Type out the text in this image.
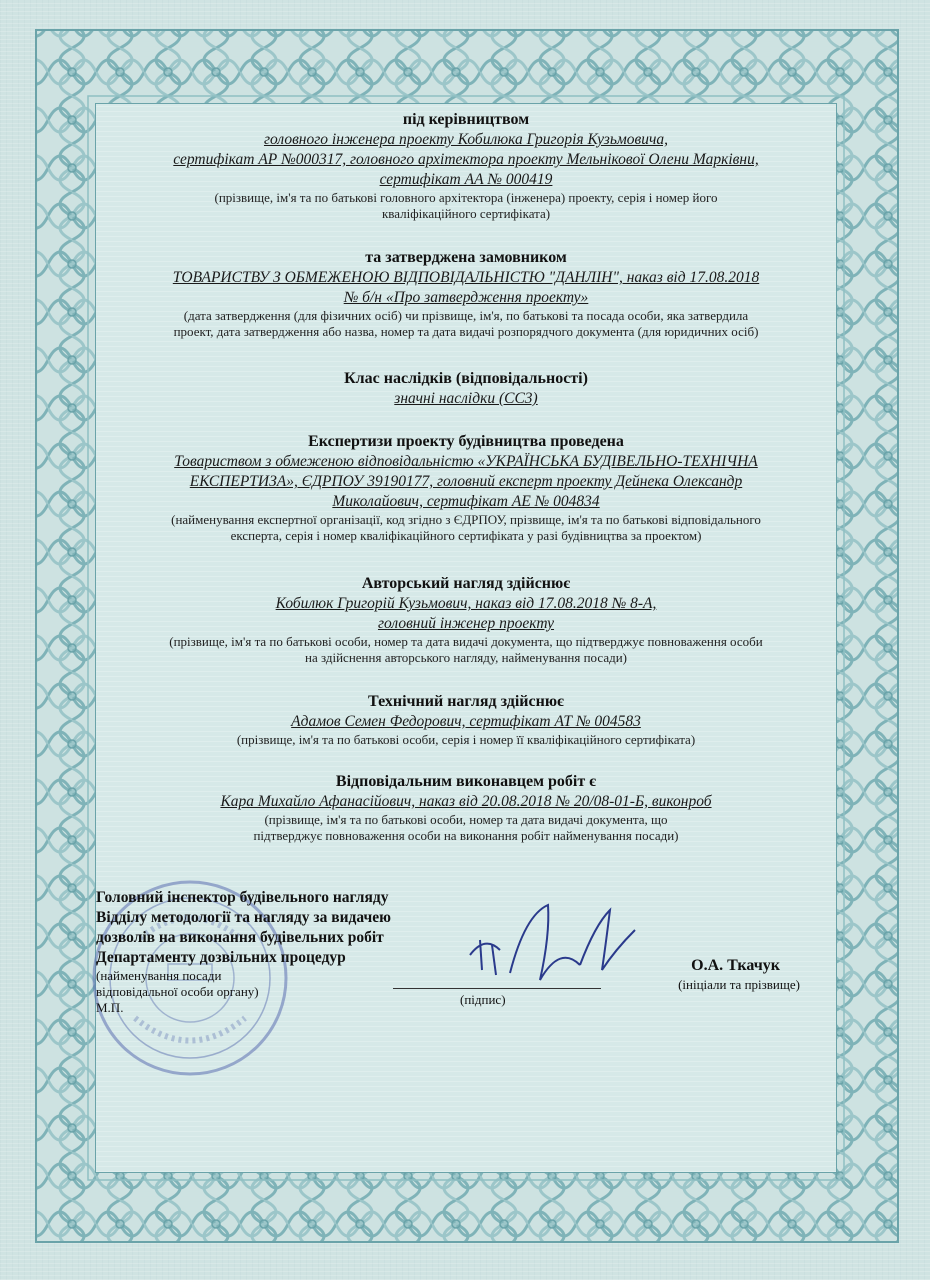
під керівництвом

головного інженера проекту Кобилюка Григорія Кузьмовича,

сертифікат АР №000317, головного архітектора проекту Мельнікової Олени Марківни,

сертифікат АА № 000419

(прізвище, ім'я та по батькові головного архітектора (інженера) проекту, серія і номер його

кваліфікаційного сертифіката)

та затверджена замовником

ТОВАРИСТВУ З ОБМЕЖЕНОЮ ВІДПОВІДАЛЬНІСТЮ "ДАНЛІН", наказ від 17.08.2018

№ б/н «Про затвердження проекту»

(дата затвердження (для фізичних осіб) чи прізвище, ім'я, по батькові та посада особи, яка затвердила

проект, дата затвердження або назва, номер та дата видачі розпорядчого документа (для юридичних осіб)

Клас наслідків (відповідальності)

значні наслідки (СС3)

Експертизи проекту будівництва проведена

Товариством з обмеженою відповідальністю «УКРАЇНСЬКА БУДІВЕЛЬНО-ТЕХНІЧНА

ЕКСПЕРТИЗА», ЄДРПОУ 39190177, головний експерт проекту Дейнека Олександр

Миколайович, сертифікат АЕ № 004834

(найменування експертної організації, код згідно з ЄДРПОУ, прізвище, ім'я та по батькові відповідального

експерта, серія і номер кваліфікаційного сертифіката у разі будівництва за проектом)

Авторський нагляд здійснює

Кобилюк Григорій Кузьмович, наказ від 17.08.2018 № 8-А,

головний інженер проекту

(прізвище, ім'я та по батькові особи, номер та дата видачі документа, що підтверджує повноваження особи

на здійснення авторського нагляду, найменування посади)

Технічний нагляд здійснює

Адамов Семен Федорович, сертифікат АТ № 004583

(прізвище, ім'я та по батькові особи, серія і номер її кваліфікаційного сертифіката)

Відповідальним виконавцем робіт є

Кара Михайло Афанасійович, наказ від 20.08.2018 № 20/08-01-Б, виконроб

(прізвище, ім'я та по батькові особи, номер та дата видачі документа, що

підтверджує повноваження особи на виконання робіт найменування посади)

Головний інспектор будівельного нагляду

Відділу методології та нагляду за видачею

дозволів на виконання будівельних робіт

Департаменту дозвільних процедур

(найменування посади

відповідальної особи органу)

М.П.

(підпис)
О.А. Ткачук
(ініціали та прізвище)
